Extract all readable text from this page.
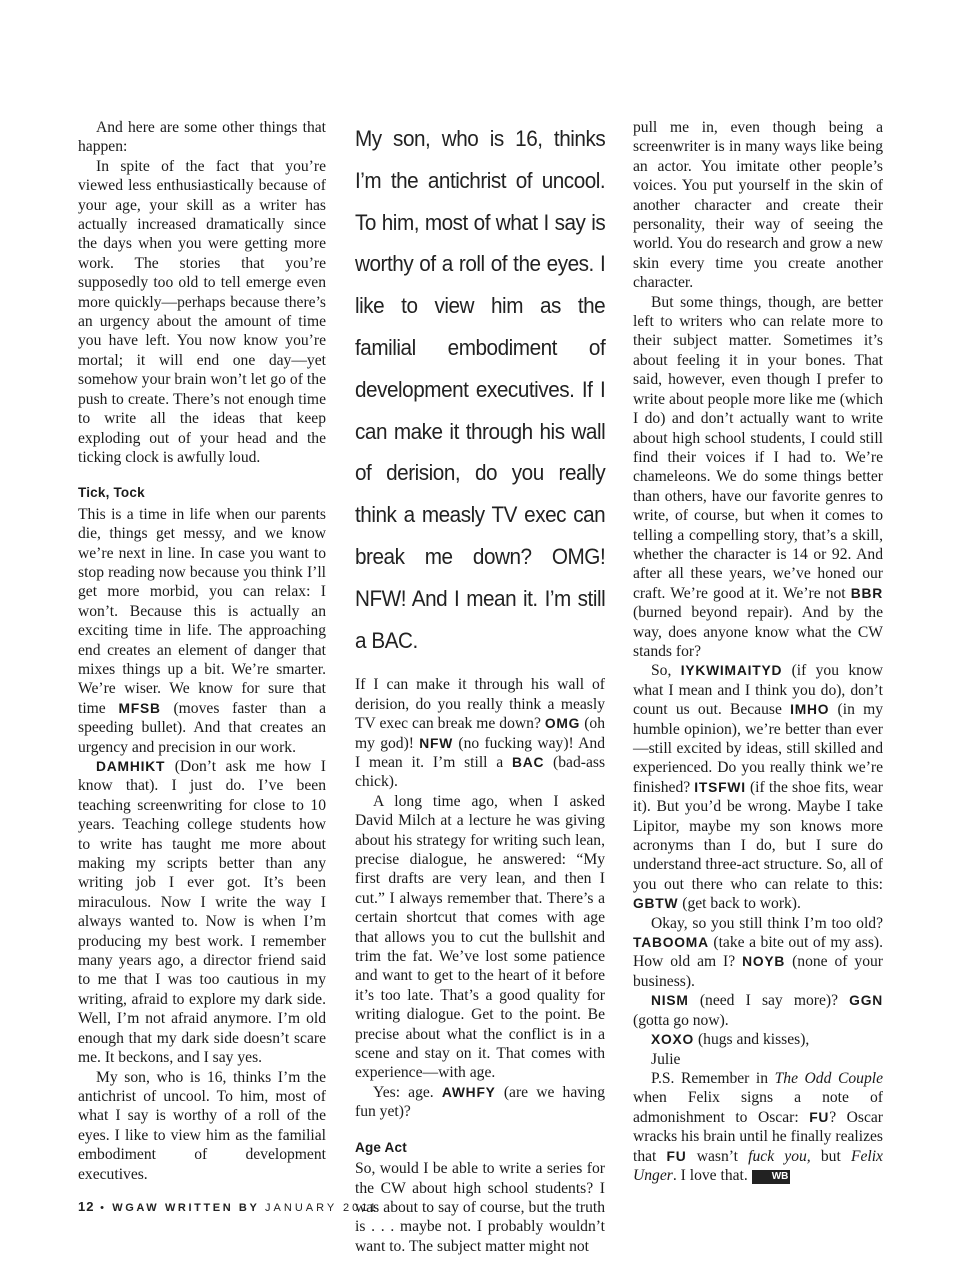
And here are some other things that happen:

In spite of the fact that you’re viewed less enthusiastically because of your age, your skill as a writer has actually increased dramatically since the days when you were getting more work. The stories that you’re supposedly too old to tell emerge even more quickly—perhaps because there’s an urgency about the amount of time you have left. You now know you’re mortal; it will end one day—yet somehow your brain won’t let go of the push to create. There’s not enough time to write all the ideas that keep exploding out of your head and the ticking clock is awfully loud.

Tick, Tock

This is a time in life when our parents die, things get messy, and we know we’re next in line. In case you want to stop reading now because you think I’ll get more morbid, you can relax: I won’t. Because this is actually an exciting time in life. The approaching end creates an element of danger that mixes things up a bit. We’re smarter. We’re wiser. We know for sure that time MFSB (moves faster than a speeding bullet). And that creates an urgency and precision in our work.

DAMHIKT (Don’t ask me how I know that). I just do. I’ve been teaching screenwriting for close to 10 years. Teaching college students how to write has taught me more about making my scripts better than any writing job I ever got. It’s been miraculous. Now I write the way I always wanted to. Now is when I’m producing my best work. I remember many years ago, a director friend said to me that I was too cautious in my writing, afraid to explore my dark side. Well, I’m not afraid anymore. I’m old enough that my dark side doesn’t scare me. It beckons, and I say yes.

My son, who is 16, thinks I’m the antichrist of uncool. To him, most of what I say is worthy of a roll of the eyes. I like to view him as the familial embodiment of development executives.

My son, who is 16, thinks I’m the antichrist of uncool. To him, most of what I say is worthy of a roll of the eyes. I like to view him as the familial embodiment of development executives. If I can make it through his wall of derision, do you really think a measly TV exec can break me down? OMG! NFW! And I mean it. I’m still a BAC.

If I can make it through his wall of derision, do you really think a measly TV exec can break me down? OMG (oh my god)! NFW (no fucking way)! And I mean it. I’m still a BAC (bad-ass chick).

A long time ago, when I asked David Milch at a lecture he was giving about his strategy for writing such lean, precise dialogue, he answered: “My first drafts are very lean, and then I cut.” I always remember that. There’s a certain shortcut that comes with age that allows you to cut the bullshit and trim the fat. We’ve lost some patience and want to get to the heart of it before it’s too late. That’s a good quality for writing dialogue. Get to the point. Be precise about what the conflict is in a scene and stay on it. That comes with experience—with age.

Yes: age. AWHFY (are we having fun yet)?

Age Act

So, would I be able to write a series for the CW about high school students? I was about to say of course, but the truth is . . . maybe not. I probably wouldn’t want to. The subject matter might not

pull me in, even though being a screenwriter is in many ways like being an actor. You imitate other people’s voices. You put yourself in the skin of another character and create their personality, their way of seeing the world. You do research and grow a new skin every time you create another character.

But some things, though, are better left to writers who can relate more to their subject matter. Sometimes it’s about feeling it in your bones. That said, however, even though I prefer to write about people more like me (which I do) and don’t actually want to write about high school students, I could still find their voices if I had to. We’re chameleons. We do some things better than others, have our favorite genres to write, of course, but when it comes to telling a compelling story, that’s a skill, whether the character is 14 or 92. And after all these years, we’ve honed our craft. We’re good at it. We’re not BBR (burned beyond repair). And by the way, does anyone know what the CW stands for?

So, IYKWIMAITYD (if you know what I mean and I think you do), don’t count us out. Because IMHO (in my humble opinion), we’re better than ever—still excited by ideas, still skilled and experienced. Do you really think we’re finished? ITSFWI (if the shoe fits, wear it). But you’d be wrong. Maybe I take Lipitor, maybe my son knows more acronyms than I do, but I sure do understand three-act structure. So, all of you out there who can relate to this: GBTW (get back to work).

Okay, so you still think I’m too old? TABOOMA (take a bite out of my ass). How old am I? NOYB (none of your business).

NISM (need I say more)? GGN (gotta go now).

XOXO (hugs and kisses),

Julie

P.S. Remember in The Odd Couple when Felix signs a note of admonishment to Oscar: FU? Oscar wracks his brain until he finally realizes that FU wasn’t fuck you, but Felix Unger. I love that. WB

12 • WGAW WRITTEN BY JANUARY 2011
